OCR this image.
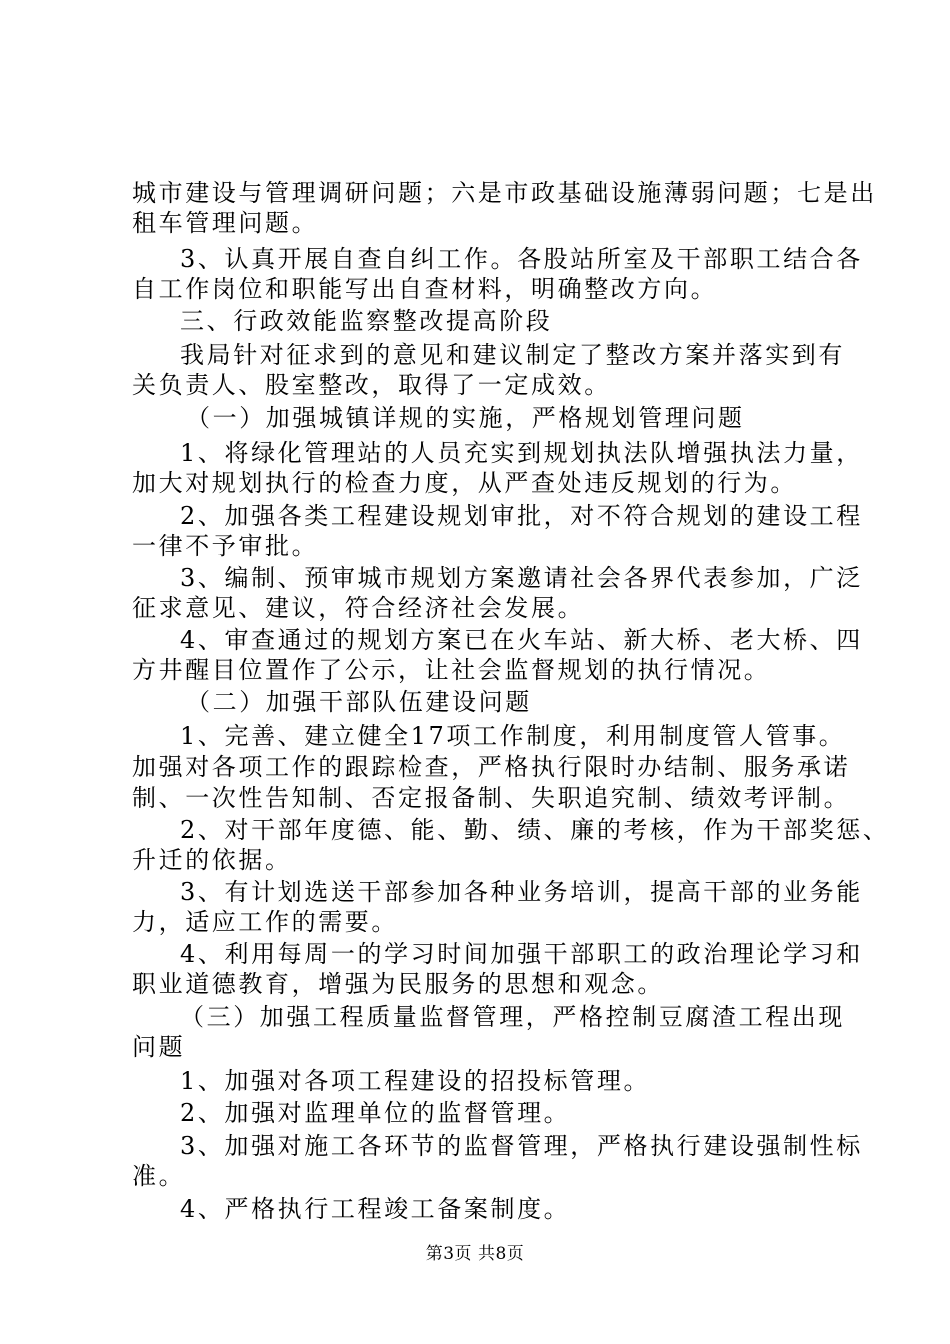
城市建设与管理调研问题；六是市政基础设施薄弱问题；七是出
租车管理问题。
3、认真开展自查自纠工作。各股站所室及干部职工结合各
自工作岗位和职能写出自查材料，明确整改方向。
三、行政效能监察整改提高阶段
我局针对征求到的意见和建议制定了整改方案并落实到有
关负责人、股室整改，取得了一定成效。
（一）加强城镇详规的实施，严格规划管理问题
1、将绿化管理站的人员充实到规划执法队增强执法力量，
加大对规划执行的检查力度，从严查处违反规划的行为。
2、加强各类工程建设规划审批，对不符合规划的建设工程
一律不予审批。
3、编制、预审城市规划方案邀请社会各界代表参加，广泛
征求意见、建议，符合经济社会发展。
4、审查通过的规划方案已在火车站、新大桥、老大桥、四
方井醒目位置作了公示，让社会监督规划的执行情况。
（二）加强干部队伍建设问题
1、完善、建立健全17项工作制度，利用制度管人管事。
加强对各项工作的跟踪检查，严格执行限时办结制、服务承诺
制、一次性告知制、否定报备制、失职追究制、绩效考评制。
2、对干部年度德、能、勤、绩、廉的考核，作为干部奖惩、
升迁的依据。
3、有计划选送干部参加各种业务培训，提高干部的业务能
力，适应工作的需要。
4、利用每周一的学习时间加强干部职工的政治理论学习和
职业道德教育，增强为民服务的思想和观念。
（三）加强工程质量监督管理，严格控制豆腐渣工程出现
问题
1、加强对各项工程建设的招投标管理。
2、加强对监理单位的监督管理。
3、加强对施工各环节的监督管理，严格执行建设强制性标
准。
4、严格执行工程竣工备案制度。
第3页 共8页
